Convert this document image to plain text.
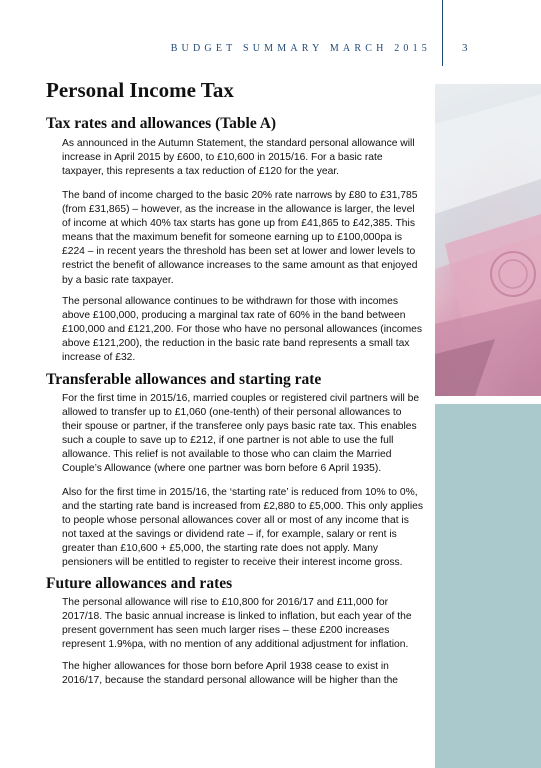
BUDGET SUMMARY MARCH 2015	3
Personal Income Tax
Tax rates and allowances (Table A)

As announced in the Autumn Statement, the standard personal allowance will increase in April 2015 by £600, to £10,600 in 2015/16. For a basic rate taxpayer, this represents a tax reduction of £120 for the year.

The band of income charged to the basic 20% rate narrows by £80 to £31,785 (from £31,865) – however, as the increase in the allowance is larger, the level of income at which 40% tax starts has gone up from £41,865 to £42,385. This means that the maximum benefit for someone earning up to £100,000pa is £224 – in recent years the threshold has been set at lower and lower levels to restrict the benefit of allowance increases to the same amount as that enjoyed by a basic rate taxpayer.

The personal allowance continues to be withdrawn for those with incomes above £100,000, producing a marginal tax rate of 60% in the band between £100,000 and £121,200. For those who have no personal allowances (incomes above £121,200), the reduction in the basic rate band represents a small tax increase of £32.

Transferable allowances and starting rate

For the first time in 2015/16, married couples or registered civil partners will be allowed to transfer up to £1,060 (one-tenth) of their personal allowances to their spouse or partner, if the transferee only pays basic rate tax. This enables such a couple to save up to £212, if one partner is not able to use the full allowance. This relief is not available to those who can claim the Married Couple’s Allowance (where one partner was born before 6 April 1935).

Also for the first time in 2015/16, the ‘starting rate’ is reduced from 10% to 0%, and the starting rate band is increased from £2,880 to £5,000. This only applies to people whose personal allowances cover all or most of any income that is not taxed at the savings or dividend rate – if, for example, salary or rent is greater than £10,600 + £5,000, the starting rate does not apply. Many pensioners will be entitled to register to receive their interest income gross.

Future allowances and rates

The personal allowance will rise to £10,800 for 2016/17 and £11,000 for 2017/18. The basic annual increase is linked to inflation, but each year of the present government has seen much larger rises – these £200 increases represent 1.9%pa, with no mention of any additional adjustment for inflation.

The higher allowances for those born before April 1938 cease to exist in 2016/17, because the standard personal allowance will be higher than the
